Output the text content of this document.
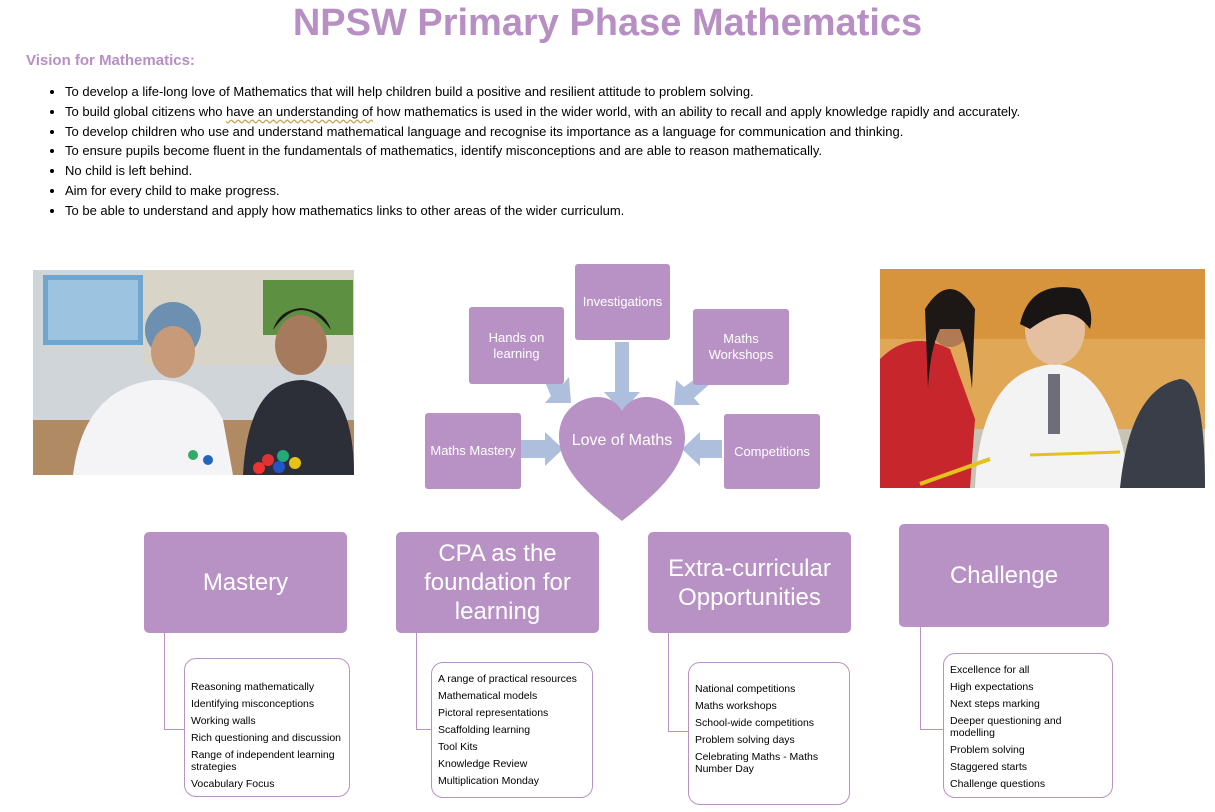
NPSW Primary Phase Mathematics
Vision for Mathematics:
• To develop a life-long love of Mathematics that will help children build a positive and resilient attitude to problem solving.
• To build global citizens who have an understanding of how mathematics is used in the wider world, with an ability to recall and apply knowledge rapidly and accurately.
• To develop children who use and understand mathematical language and recognise its importance as a language for communication and thinking.
• To ensure pupils become fluent in the fundamentals of mathematics, identify misconceptions and are able to reason mathematically.
• No child is left behind.
• Aim for every child to make progress.
• To be able to understand and apply how mathematics links to other areas of the wider curriculum.
Love of Maths
Investigations
Hands on learning
Maths Workshops
Maths Mastery	Competitions
Mastery
Reasoning mathematically
Identifying misconceptions
Working walls
Rich questioning and discussion
Range of independent learning strategies
Vocabulary Focus
CPA as the foundation for learning
A range of practical resources
Mathematical models
Pictoral representations
Scaffolding learning
Tool Kits
Knowledge Review
Multiplication Monday
Extra-curricular Opportunities
National competitions
Maths workshops
School-wide competitions
Problem solving days
Celebrating Maths - Maths Number Day
Challenge
Excellence for all
High expectations
Next steps marking
Deeper questioning and modelling
Problem solving
Staggered starts
Challenge questions
